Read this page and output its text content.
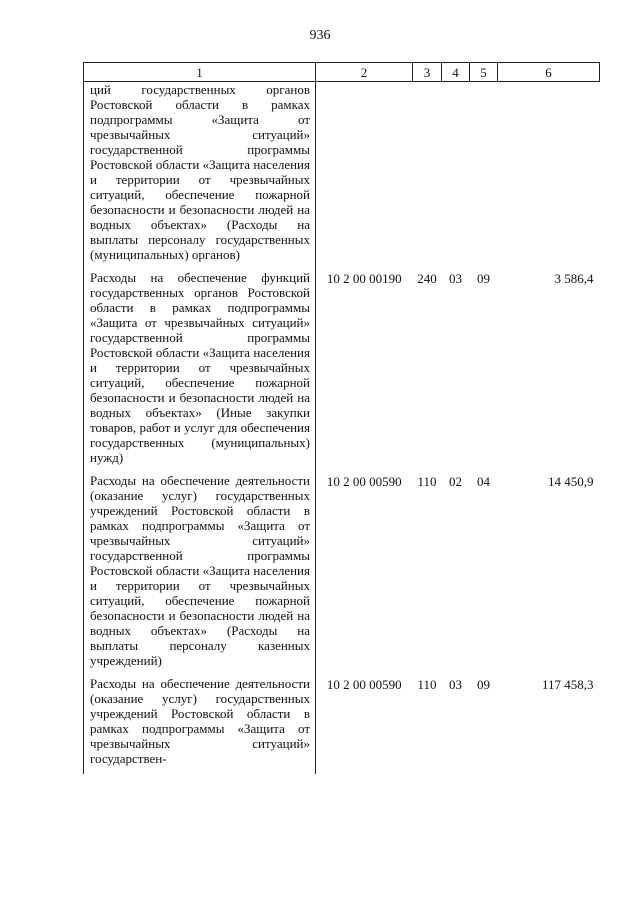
936
1	2	3	4	5	6
ций государственных органов Ростовской области в рамках подпрограммы «Защита от чрезвычайных ситуаций» государственной программы Ростовской области «Защита населения и территории от чрезвычайных ситуаций, обеспечение пожарной безопасности и безопасности людей на водных объектах» (Расходы на выплаты персоналу государственных (муниципальных) органов)					
Расходы на обеспечение функций государственных органов Ростовской области в рамках подпрограммы «Защита от чрезвычайных ситуаций» государственной программы Ростовской области «Защита населения и территории от чрезвычайных ситуаций, обеспечение пожарной безопасности и безопасности людей на водных объектах» (Иные закупки товаров, работ и услуг для обеспечения государственных (муниципальных) нужд)	10 2 00 00190	240	03	09	3 586,4
Расходы на обеспечение деятельности (оказание услуг) государственных учреждений Ростовской области в рамках подпрограммы «Защита от чрезвычайных ситуаций» государственной программы Ростовской области «Защита населения и территории от чрезвычайных ситуаций, обеспечение пожарной безопасности и безопасности людей на водных объектах» (Расходы на выплаты персоналу казенных учреждений)	10 2 00 00590	110	02	04	14 450,9
Расходы на обеспечение деятельности (оказание услуг) государственных учреждений Ростовской области в рамках подпрограммы «Защита от чрезвычайных ситуаций» государствен-	10 2 00 00590	110	03	09	117 458,3
